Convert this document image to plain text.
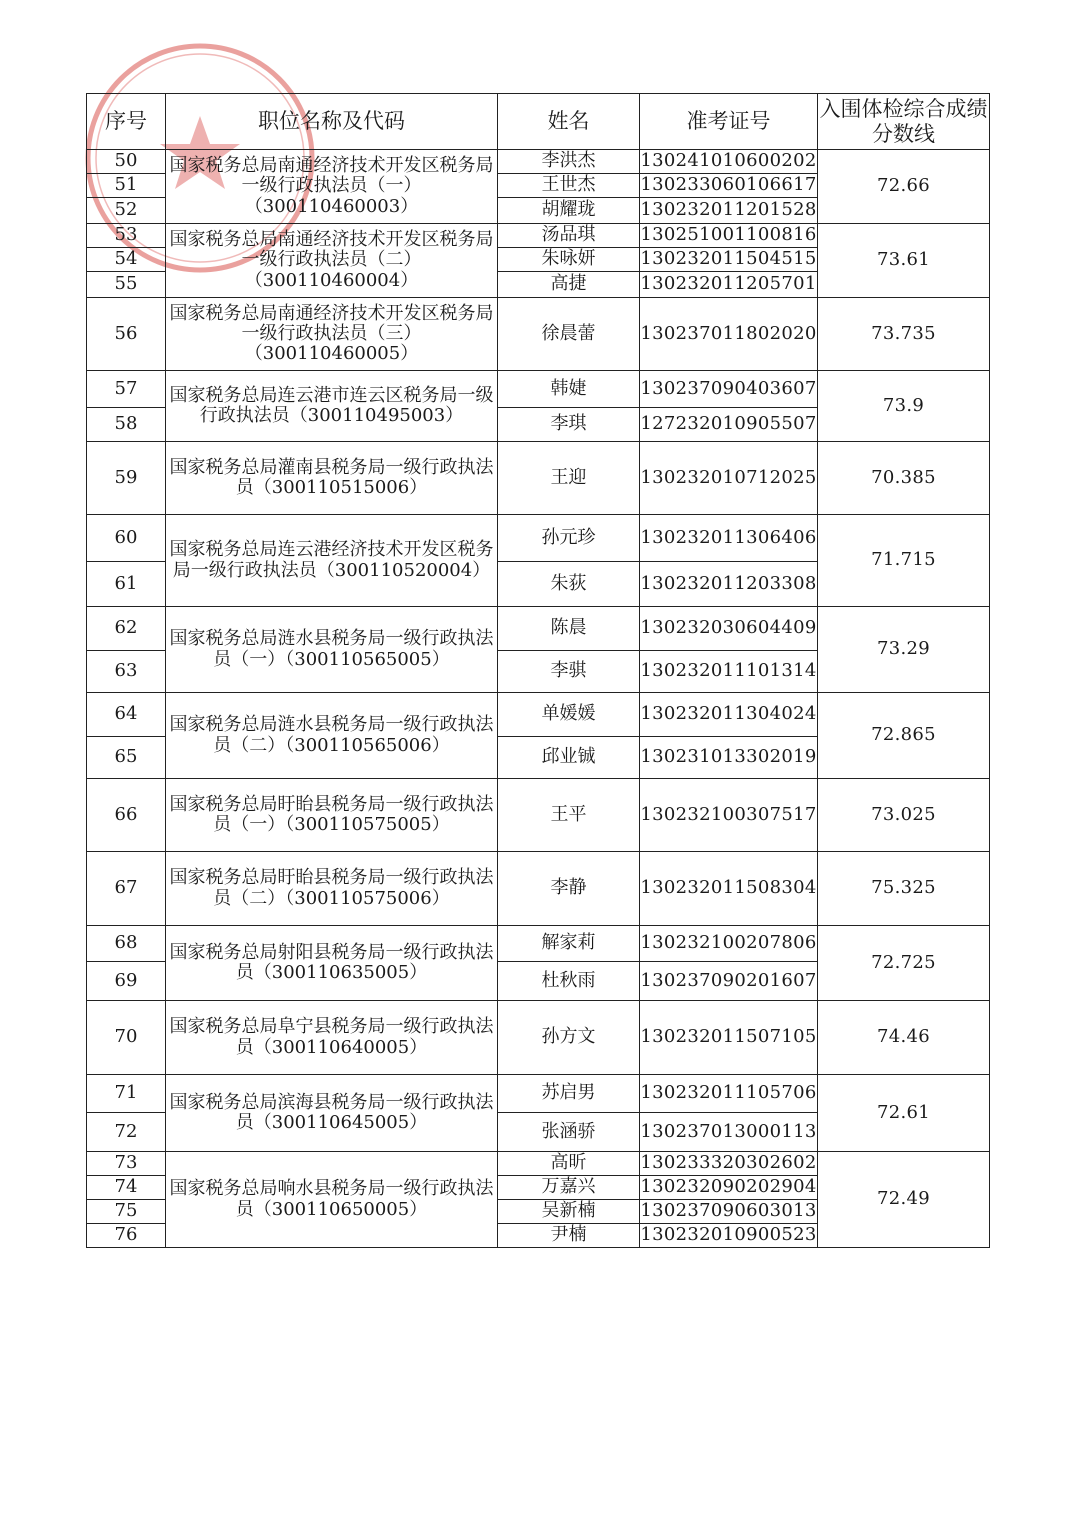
序号	职位名称及代码	姓名	准考证号	入围体检综合成绩分数线
50	国家税务总局南通经济技术开发区税务局一级行政执法员（一）（300110460003）	李洪杰	130241010600202	72.66
51		王世杰	130233060106617	
52		胡耀珑	130232011201528	
53	国家税务总局南通经济技术开发区税务局一级行政执法员（二）（300110460004）	汤品琪	130251001100816	73.61
54		朱咏妍	130232011504515	
55		高捷	130232011205701	
56	国家税务总局南通经济技术开发区税务局一级行政执法员（三）（300110460005）	徐晨蕾	130237011802020	73.735
57	国家税务总局连云港市连云区税务局一级行政执法员（300110495003）	韩婕	130237090403607	73.9
58		李琪	127232010905507	
59	国家税务总局灌南县税务局一级行政执法员（300110515006）	王迎	130232010712025	70.385
60	国家税务总局连云港经济技术开发区税务局一级行政执法员（300110520004）	孙元珍	130232011306406	71.715
61		朱荻	130232011203308	
62	国家税务总局涟水县税务局一级行政执法员（一）（300110565005）	陈晨	130232030604409	73.29
63		李骐	130232011101314	
64	国家税务总局涟水县税务局一级行政执法员（二）（300110565006）	单媛媛	130232011304024	72.865
65		邱业铖	130231013302019	
66	国家税务总局盱眙县税务局一级行政执法员（一）（300110575005）	王平	130232100307517	73.025
67	国家税务总局盱眙县税务局一级行政执法员（二）（300110575006）	李静	130232011508304	75.325
68	国家税务总局射阳县税务局一级行政执法员（300110635005）	解家莉	130232100207806	72.725
69		杜秋雨	130237090201607	
70	国家税务总局阜宁县税务局一级行政执法员（300110640005）	孙方文	130232011507105	74.46
71	国家税务总局滨海县税务局一级行政执法员（300110645005）	苏启男	130232011105706	72.61
72		张涵骄	130237013000113	
73	国家税务总局响水县税务局一级行政执法员（300110650005）	高昕	130233320302602	72.49
74		万嘉兴	130232090202904	
75		吴新楠	130237090603013	
76		尹楠	130232010900523	
